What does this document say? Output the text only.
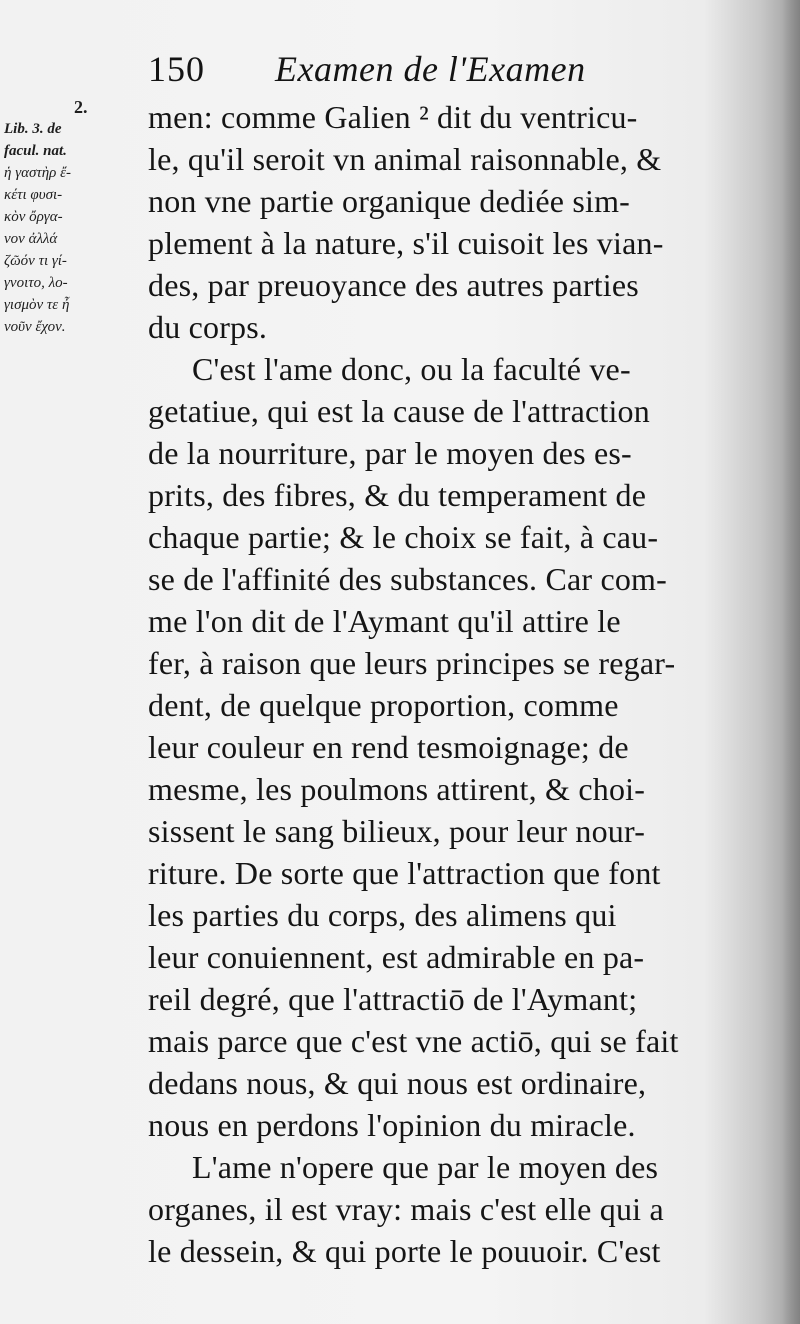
150 Examen de l'Examen
2.
Lib. 3. de
facul. nat.
ἡ γαστὴρ ἔ-
κέτι φυσι-
κὸν ὄργα-
νον ἀλλά
ζῶόν τι γί-
γνοιτο, λο-
γισμὸν τε ἦ
νοῦν ἔχον.
men: comme Galien ² dit du ventricu-
le, qu'il seroit vn animal raisonnable, &
non vne partie organique dediée sim-
plement à la nature, s'il cuisoit les vian-
des, par preuoyance des autres parties
du corps.
C'est l'ame donc, ou la faculté ve-
getatiue, qui est la cause de l'attraction
de la nourriture, par le moyen des es-
prits, des fibres, & du temperament de
chaque partie; & le choix se fait, à cau-
se de l'affinité des substances. Car com-
me l'on dit de l'Aymant qu'il attire le
fer, à raison que leurs principes se regar-
dent, de quelque proportion, comme
leur couleur en rend tesmoignage; de
mesme, les poulmons attirent, & choi-
sissent le sang bilieux, pour leur nour-
riture. De sorte que l'attraction que font
les parties du corps, des alimens qui
leur conuiennent, est admirable en pa-
reil degré, que l'attractiō de l'Aymant;
mais parce que c'est vne actiō, qui se fait
dedans nous, & qui nous est ordinaire,
nous en perdons l'opinion du miracle.
L'ame n'opere que par le moyen des
organes, il est vray: mais c'est elle qui a
le dessein, & qui porte le pouuoir. C'est
